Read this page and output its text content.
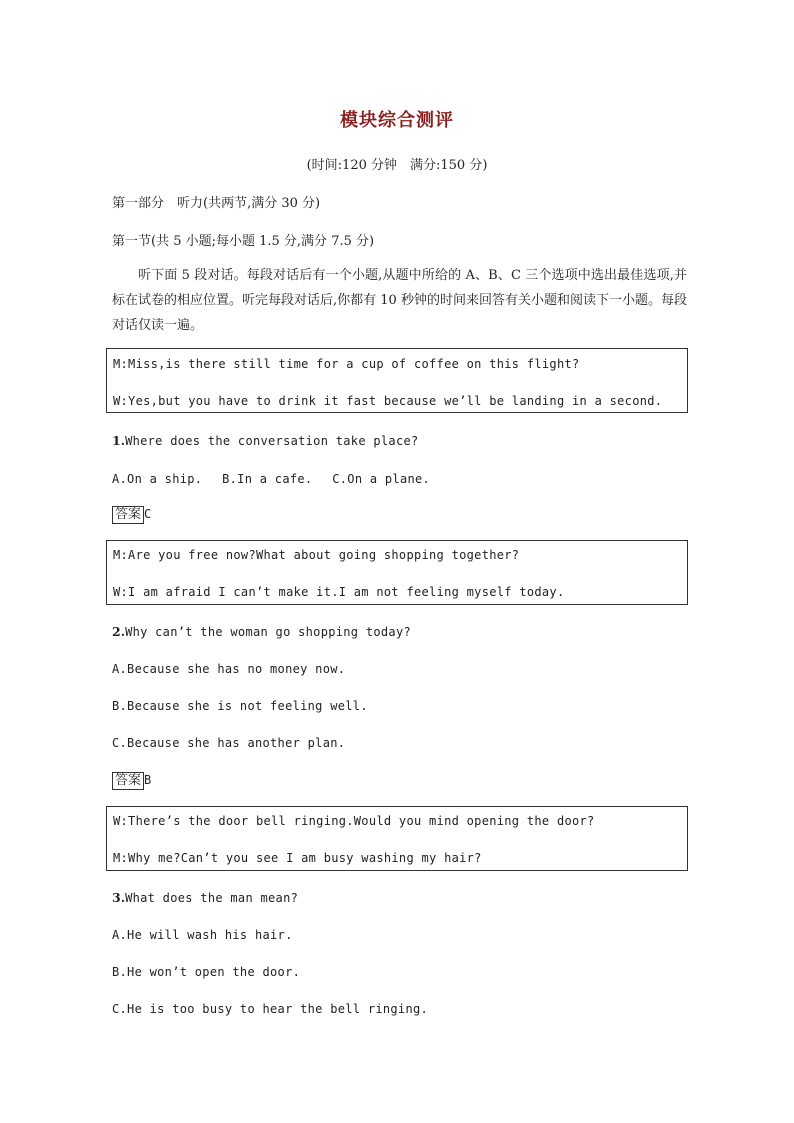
模块综合测评
(时间:120 分钟　满分:150 分)
第一部分　听力(共两节,满分 30 分)
第一节(共 5 小题;每小题 1.5 分,满分 7.5 分)
听下面 5 段对话。每段对话后有一个小题,从题中所给的 A、B、C 三个选项中选出最佳选项,并标在试卷的相应位置。听完每段对话后,你都有 10 秒钟的时间来回答有关小题和阅读下一小题。每段对话仅读一遍。
M:Miss,is there still time for a cup of coffee on this flight?
W:Yes,but you have to drink it fast because we’ll be landing in a second.
1.Where does the conversation take place?
A.On a ship.　 B.In a cafe.　 C.On a plane.
答案 C
M:Are you free now?What about going shopping together?
W:I am afraid I can’t make it.I am not feeling myself today.
2.Why can’t the woman go shopping today?
A.Because she has no money now.
B.Because she is not feeling well.
C.Because she has another plan.
答案 B
W:There’s the door bell ringing.Would you mind opening the door?
M:Why me?Can’t you see I am busy washing my hair?
3.What does the man mean?
A.He will wash his hair.
B.He won’t open the door.
C.He is too busy to hear the bell ringing.
